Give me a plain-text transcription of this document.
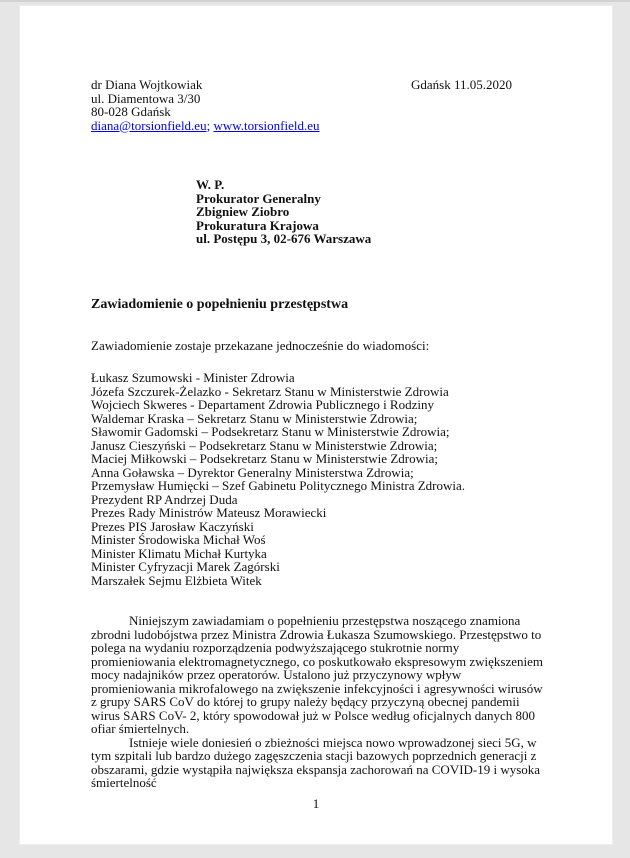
dr Diana Wojtkowiak
ul. Diamentowa 3/30
80-028 Gdańsk
diana@torsionfield.eu; www.torsionfield.eu
Gdańsk 11.05.2020
W. P.
Prokurator Generalny
Zbigniew Ziobro
Prokuratura Krajowa
ul. Postępu 3, 02-676 Warszawa
Zawiadomienie o popełnieniu przestępstwa
Zawiadomienie zostaje przekazane jednocześnie do wiadomości:
Łukasz Szumowski - Minister Zdrowia
Józefa Szczurek-Żelazko - Sekretarz Stanu w Ministerstwie Zdrowia
Wojciech Skweres - Departament Zdrowia Publicznego i Rodziny
Waldemar Kraska – Sekretarz Stanu w Ministerstwie Zdrowia;
Sławomir Gadomski – Podsekretarz Stanu w Ministerstwie Zdrowia;
Janusz Cieszyński – Podsekretarz Stanu w Ministerstwie Zdrowia;
Maciej Miłkowski – Podsekretarz Stanu w Ministerstwie Zdrowia;
Anna Goławska – Dyrektor Generalny Ministerstwa Zdrowia;
Przemysław Humięcki – Szef Gabinetu Politycznego Ministra Zdrowia.
Prezydent RP Andrzej Duda
Prezes Rady Ministrów Mateusz Morawiecki
Prezes PIS Jarosław Kaczyński
Minister Środowiska Michał Woś
Minister Klimatu Michał Kurtyka
Minister Cyfryzacji Marek Zagórski
Marszałek Sejmu Elżbieta Witek

Niniejszym zawiadamiam o popełnieniu przestępstwa noszącego znamiona zbrodni ludobójstwa przez Ministra Zdrowia Łukasza Szumowskiego. Przestępstwo to polega na wydaniu rozporządzenia podwyższającego stukrotnie normy promieniowania elektromagnetycznego, co poskutkowało ekspresowym zwiększeniem mocy nadajników przez operatorów. Ustalono już przyczynowy wpływ promieniowania mikrofalowego na zwiększenie infekcyjności i agresywności wirusów z grupy SARS CoV do której to grupy należy będący przyczyną obecnej pandemii wirus SARS CoV- 2, który spowodował już w Polsce według oficjalnych danych 800 ofiar śmiertelnych.

Istnieje wiele doniesień o zbieżności miejsca nowo wprowadzonej sieci 5G, w tym szpitali lub bardzo dużego zagęszczenia stacji bazowych poprzednich generacji z obszarami, gdzie wystąpiła największa ekspansja zachorowań na COVID-19 i wysoka śmiertelność

1
